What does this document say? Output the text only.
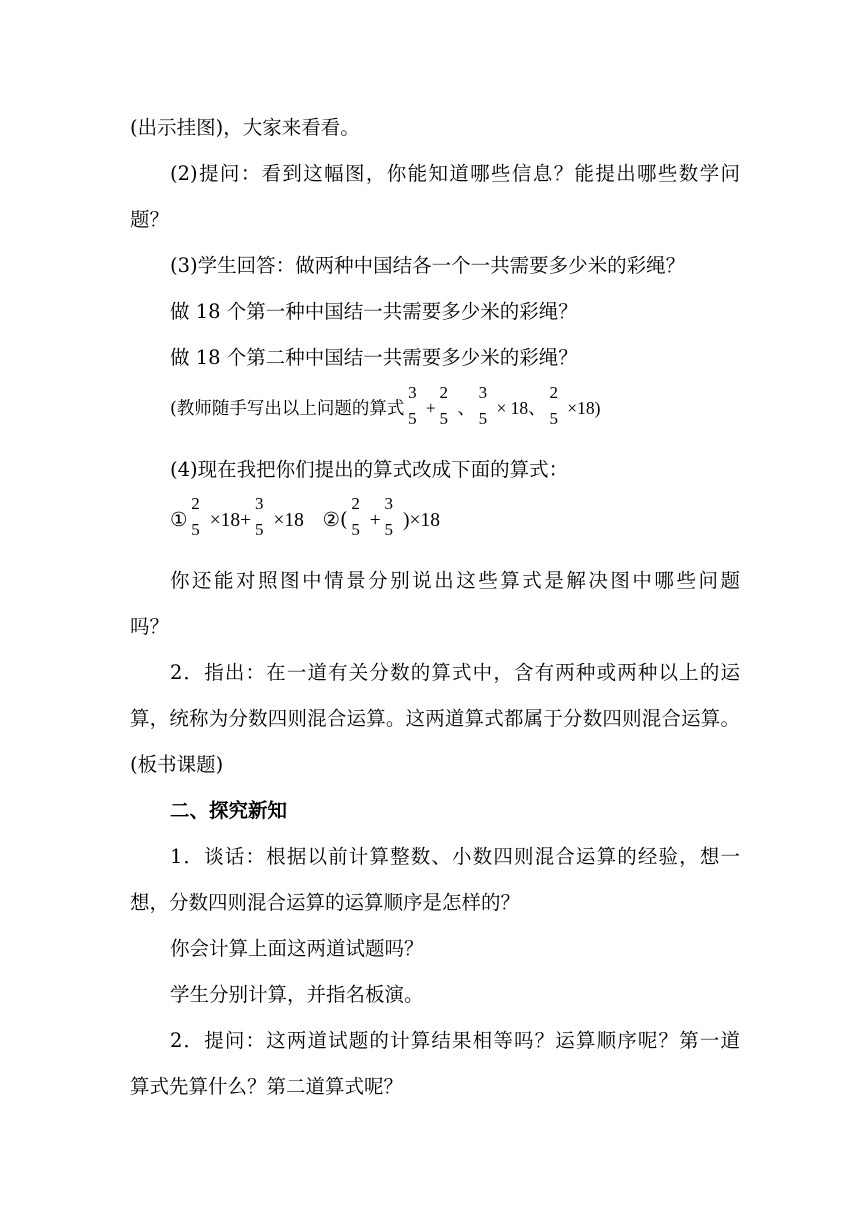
(出示挂图)，大家来看看。
(2)提问：看到这幅图，你能知道哪些信息？能提出哪些数学问
题？
(3)学生回答：做两种中国结各一个一共需要多少米的彩绳？
做 18 个第一种中国结一共需要多少米的彩绳？
做 18 个第二种中国结一共需要多少米的彩绳？
(教师随手写出以上问题的算式
3
5 +
2
5 、
3
5 × 18、
2
5 ×18)
(4)现在我把你们提出的算式改成下面的算式：
①
2
5 ×18+
3
5 ×18 ②(
2
5 +
3
5 )×18
你还能对照图中情景分别说出这些算式是解决图中哪些问题
吗？
2．指出：在一道有关分数的算式中，含有两种或两种以上的运
算，统称为分数四则混合运算。这两道算式都属于分数四则混合运算。
(板书课题)
二、探究新知
1．谈话：根据以前计算整数、小数四则混合运算的经验，想一
想，分数四则混合运算的运算顺序是怎样的？
你会计算上面这两道试题吗？
学生分别计算，并指名板演。
2．提问：这两道试题的计算结果相等吗？运算顺序呢？第一道
算式先算什么？第二道算式呢？
